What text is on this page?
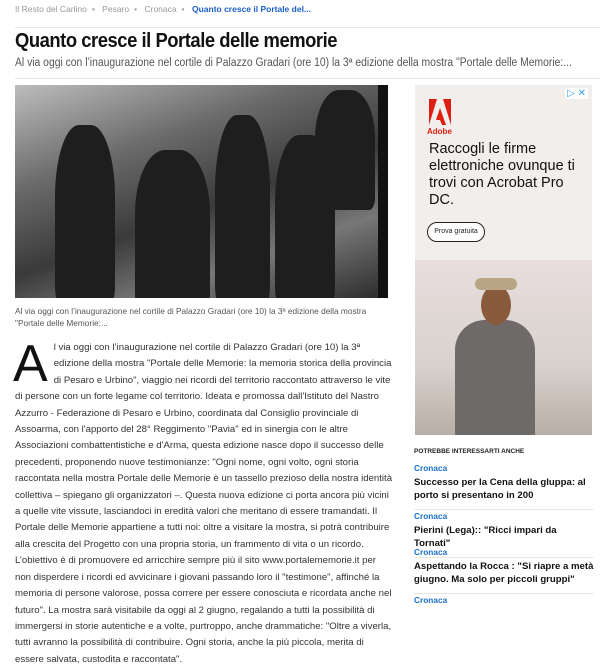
Il Resto del Carlino • Pesaro • Cronaca • Quanto cresce il Portale del...
Quanto cresce il Portale delle memorie
Al via oggi con l’inaugurazione nel cortile di Palazzo Gradari (ore 10) la 3ª edizione della mostra "Portale delle Memorie:...
Al via oggi con l’inaugurazione nel cortile di Palazzo Gradari (ore 10) la 3ª edizione della mostra "Portale delle Memorie:...
A l via oggi con l’inaugurazione nel cortile di Palazzo Gradari (ore 10) la 3ª edizione della mostra "Portale delle Memorie: la memoria storica della provincia di Pesaro e Urbino", viaggio nei ricordi del territorio raccontato attraverso le vite di persone con un forte legame col territorio. Ideata e promossa dall'Istituto del Nastro Azzurro - Federazione di Pesaro e Urbino, coordinata dal Consiglio provinciale di Assoarma, con l'apporto del 28° Reggimento "Pavia" ed in sinergia con le altre Associazioni combattentistiche e d'Arma, questa edizione nasce dopo il successo delle precedenti, proponendo nuove testimonianze: "Ogni nome, ogni volto, ogni storia raccontata nella mostra Portale delle Memorie è un tassello prezioso della nostra identità collettiva – spiegano gli organizzatori –. Questa nuova edizione ci porta ancora più vicini a quelle vite vissute, lasciandoci in eredità valori che meritano di essere tramandati. Il Portale delle Memorie appartiene a tutti noi: oltre a visitare la mostra, si potrà contribuire alla crescita del Progetto con una propria storia, un frammento di vita o un ricordo. L’obiettivo è di promuovere ed arricchire sempre più il sito www.portalememorie.it per non disperdere i ricordi ed avvicinare i giovani passando loro il "testimone", affinché la memoria di persone valorose, possa correre per essere conosciuta e ricordata anche nel futuro". La mostra sarà visitabile da oggi al 2 giugno, regalando a tutti la possibilità di immergersi in storie autentiche e a volte, purtroppo, anche drammatiche: "Oltre a viverla, tutti avranno la possibilità di contribuire. Ogni storia, anche la più piccola, merita di essere salvata, custodita e raccontata".
▷ ✕
Adobe
Raccogli le firme elettroniche ovunque ti trovi con Acrobat Pro DC.
Prova gratuita
POTREBBE INTERESSARTI ANCHE
Cronaca
Successo per la Cena della gluppa: al porto si presentano in 200
Cronaca
Pierini (Lega):: "Ricci impari da Tornati"
Cronaca
Aspettando la Rocca : "Si riapre a metà giugno. Ma solo per piccoli gruppi"
Cronaca
